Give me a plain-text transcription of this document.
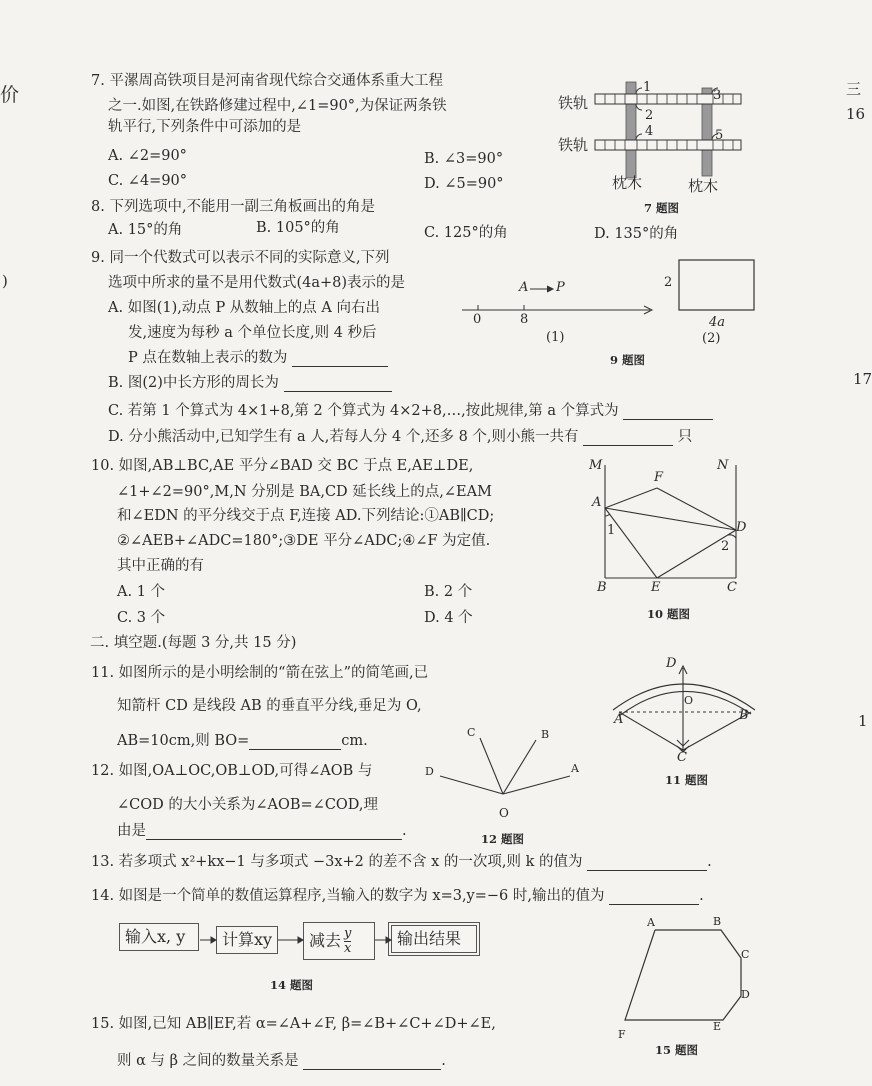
价
)
三
16
17
1
7. 平漯周高铁项目是河南省现代综合交通体系重大工程
之一.如图,在铁路修建过程中,∠1=90°,为保证两条铁
轨平行,下列条件中可添加的是
A. ∠2=90°	B. ∠3=90°
C. ∠4=90°	D. ∠5=90°
铁轨
铁轨
枕木	枕木
1
2
3
4	5
7 题图
8. 下列选项中,不能用一副三角板画出的角是
A. 15°的角	B. 105°的角	C. 125°的角	D. 135°的角
9. 同一个代数式可以表示不同的实际意义,下列
选项中所求的量不是用代数式(4a+8)表示的是
A. 如图(1),动点 P 从数轴上的点 A 向右出
发,速度为每秒 a 个单位长度,则 4 秒后
P 点在数轴上表示的数为
B. 图(2)中长方形的周长为
C. 若第 1 个算式为 4×1+8,第 2 个算式为 4×2+8,…,按此规律,第 a 个算式为
D. 分小熊活动中,已知学生有 a 人,若每人分 4 个,还多 8 个,则小熊一共有	只
A P
0	8
(1)
2
4a
(2)
9 题图
10. 如图,AB⊥BC,AE 平分∠BAD 交 BC 于点 E,AE⊥DE,
∠1+∠2=90°,M,N 分别是 BA,CD 延长线上的点,∠EAM
和∠EDN 的平分线交于点 F,连接 AD.下列结论:①AB∥CD;
②∠AEB+∠ADC=180°;③DE 平分∠ADC;④∠F 为定值.
其中正确的有
A. 1 个	B. 2 个
C. 3 个	D. 4 个
M	N
F
A
D
1
2
B	E	C
10 题图
二. 填空题.(每题 3 分,共 15 分)
11. 如图所示的是小明绘制的“箭在弦上”的简笔画,已
知箭杆 CD 是线段 AB 的垂直平分线,垂足为 O,
AB=10cm,则 BO=	cm.
D
O
A	B
C
11 题图
12. 如图,OA⊥OC,OB⊥OD,可得∠AOB 与
∠COD 的大小关系为∠AOB=∠COD,理
由是	.
C	B
D	A
O
12 题图
13. 若多项式 x²+kx−1 与多项式 −3x+2 的差不含 x 的一次项,则 k 的值为	.
14. 如图是一个简单的数值运算程序,当输入的数字为 x=3,y=−6 时,输出的值为	.
输入x, y	计算xy	减去 $\frac{y}{x}$	输出结果
14 题图
15. 如图,已知 AB∥EF,若 α=∠A+∠F, β=∠B+∠C+∠D+∠E,
则 α 与 β 之间的数量关系是	.
A	B
C
D
E
F
15 题图
